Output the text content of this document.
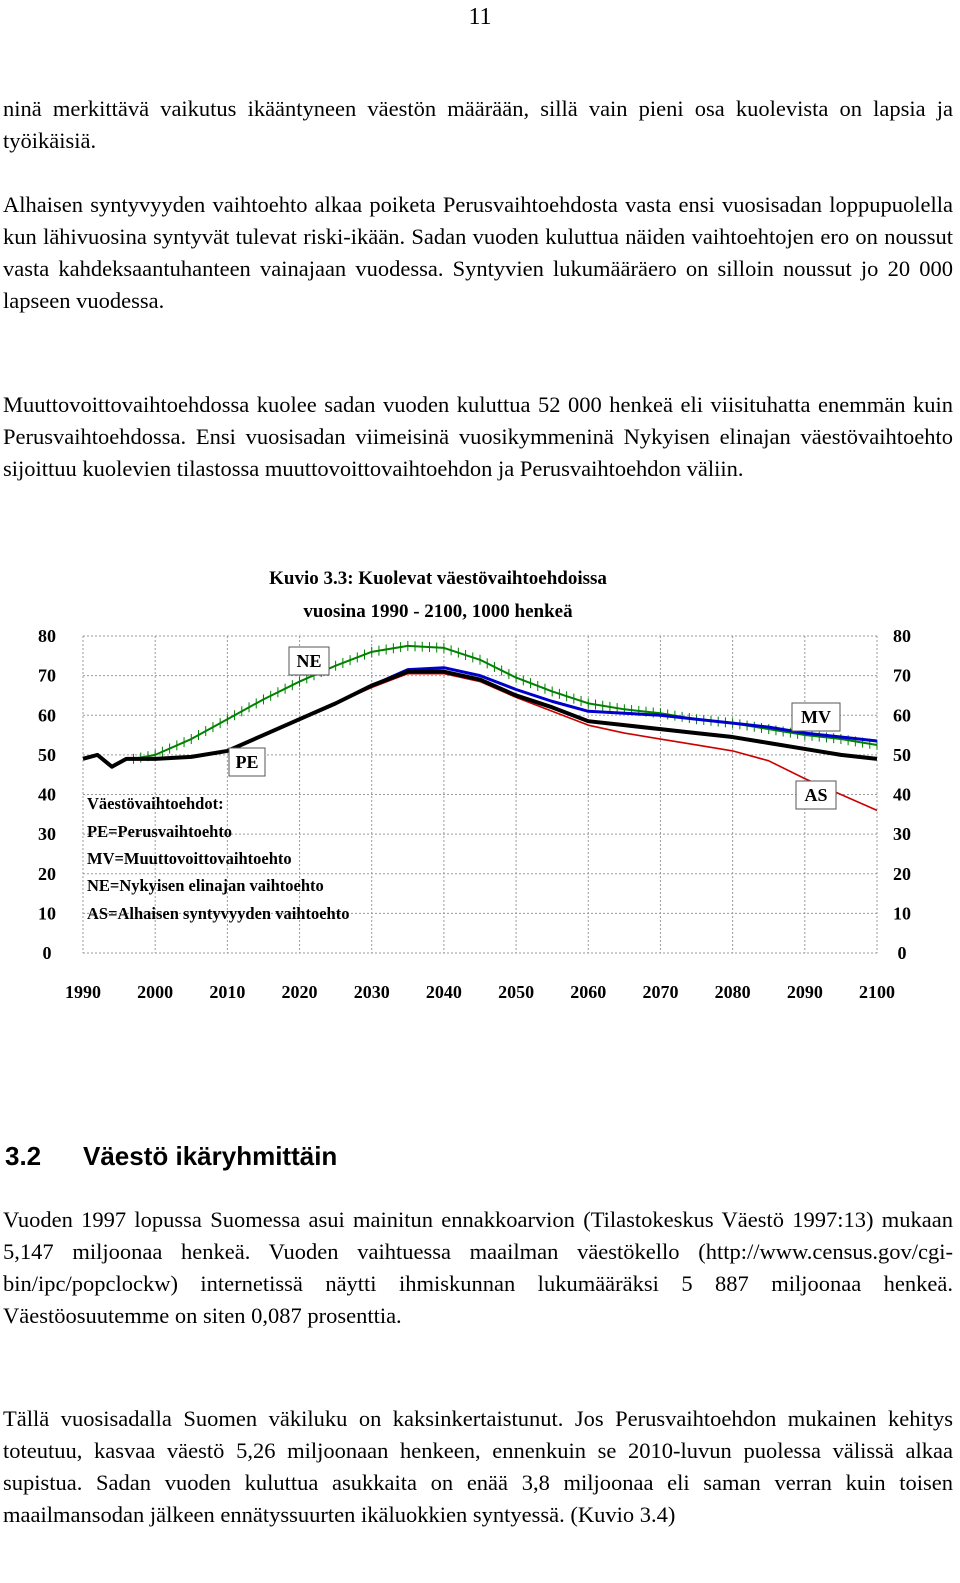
11

ninä merkittävä vaikutus ikääntyneen väestön määrään, sillä vain pieni osa kuolevista on lapsia ja työikäisiä.

Alhaisen syntyvyyden vaihtoehto alkaa poiketa Perusvaihtoehdosta vasta ensi vuosisadan loppupuolella kun lähivuosina syntyvät tulevat riski-ikään. Sadan vuoden kuluttua näiden vaihtoehtojen ero on noussut vasta kahdeksaantuhanteen vainajaan vuodessa. Syntyvien lukumääräero on silloin noussut jo 20 000 lapseen vuodessa.

Muuttovoittovaihtoehdossa kuolee sadan vuoden kuluttua 52 000 henkeä eli viisituhatta enemmän kuin Perusvaihtoehdossa. Ensi vuosisadan viimeisinä vuosikymmeninä Nykyisen elinajan väestövaihtoehto sijoittuu kuolevien tilastossa muuttovoittovaihtoehdon ja Perusvaihtoehdon väliin.

Kuvio 3.3: Kuolevat väestövaihtoehdoissa
vuosina 1990 - 2100, 1000 henkeä
0
10
20
30
40
50
60
70
80
0
10
20
30
40
50
60
70
80
1990 2000 2010 2020 2030 2040 2050 2060 2070 2080 2090 2100
PE
MV
NE
AS
Väestövaihtoehdot:
PE=Perusvaihtoehto
MV=Muuttovoittovaihtoehto
NE=Nykyisen elinajan vaihtoehto
AS=Alhaisen syntyvyyden vaihtoehto
3.2 Väestö ikäryhmittäin

Vuoden 1997 lopussa Suomessa asui mainitun ennakkoarvion (Tilastokeskus Väestö 1997:13) mukaan 5,147 miljoonaa henkeä. Vuoden vaihtuessa maailman väestökello (http://www.census.gov/cgi-bin/ipc/popclockw) internetissä näytti ihmiskunnan lukumääräksi 5 887 miljoonaa henkeä. Väestöosuutemme on siten 0,087 prosenttia.

Tällä vuosisadalla Suomen väkiluku on kaksinkertaistunut. Jos Perusvaihtoehdon mukainen kehitys toteutuu, kasvaa väestö 5,26 miljoonaan henkeen, ennenkuin se 2010-luvun puolessa välissä alkaa supistua. Sadan vuoden kuluttua asukkaita on enää 3,8 miljoonaa eli saman verran kuin toisen maailmansodan jälkeen ennätyssuurten ikäluokkien syntyessä. (Kuvio 3.4)
